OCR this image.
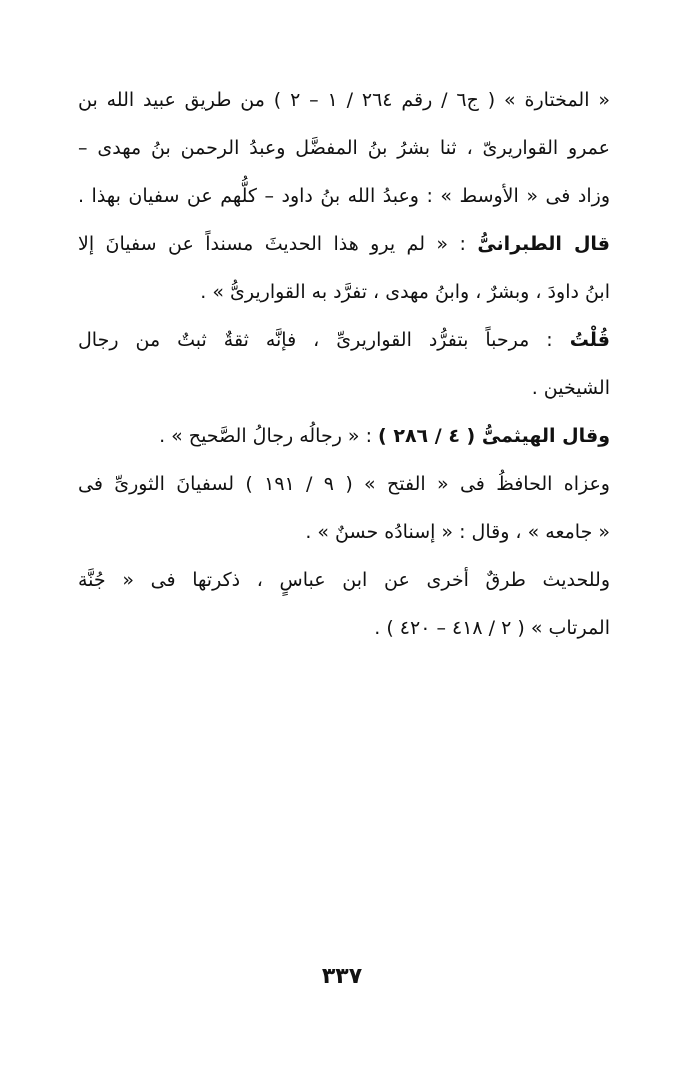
« المختارة » ( ج٦ / رقم ٢٦٤ / ١ – ٢ ) من طريق عبيد الله بن
عمرو القواريرىّ ، ثنا بشرُ بنُ المفضَّل وعبدُ الرحمن بنُ مهدى –
وزاد فى « الأوسط » : وعبدُ الله بنُ داود – كلُّهم عن سفيان بهذا .
قال الطبرانىُّ : « لم يرو هذا الحديثَ مسنداً عن سفيانَ إلا
ابنُ داودَ ، وبشرٌ ، وابنُ مهدى ، تفرَّد به القواريرىُّ » .
قُلْتُ : مرحباً بتفرُّد القواريرىِّ ، فإنَّه ثقةٌ ثبتٌ من رجال
الشيخين .
وقال الهيثمىُّ ( ٤ / ٢٨٦ ) : « رجالُه رجالُ الصَّحيح » .
وعزاه الحافظُ فى « الفتح » ( ٩ / ١٩١ ) لسفيانَ الثورىِّ فى
« جامعه » ، وقال : « إسنادُه حسنٌ » .
وللحديث طرقٌ أخرى عن ابن عباسٍ ، ذكرتها فى « جُنَّة
المرتاب » ( ٢ / ٤١٨ – ٤٢٠ ) .
٣٣٧
